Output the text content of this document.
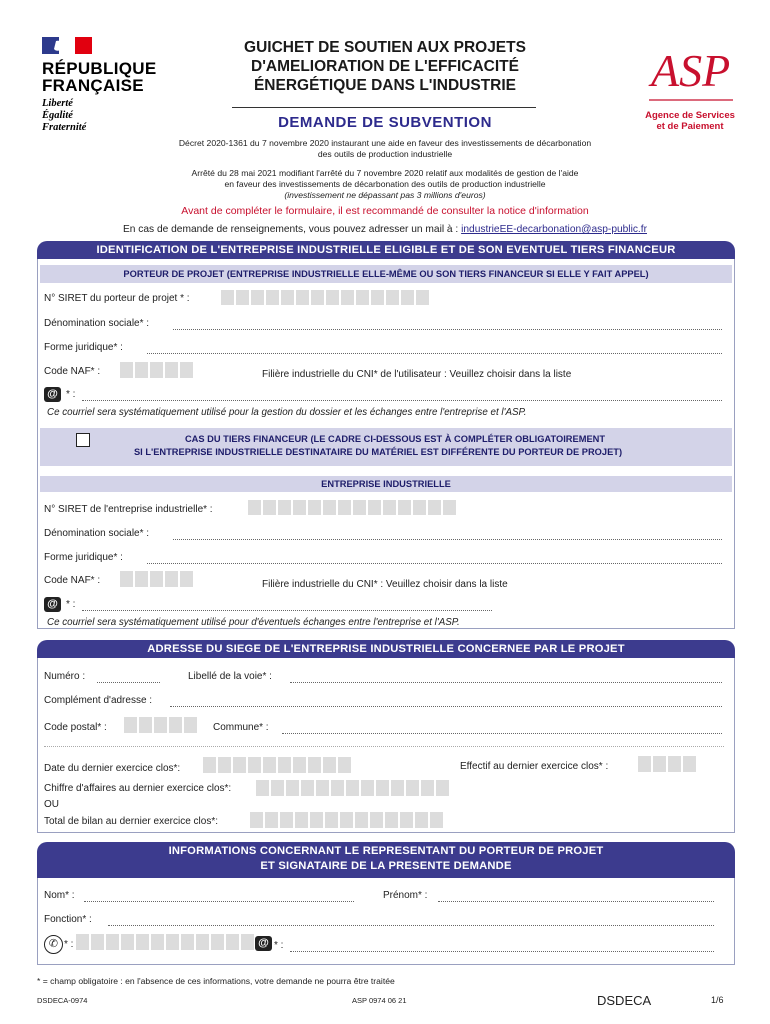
RÉPUBLIQUE
FRANÇAISE
Liberté
Égalité
Fraternité
GUICHET DE SOUTIEN AUX PROJETS
D'AMELIORATION DE L'EFFICACITÉ
ÉNERGÉTIQUE DANS L'INDUSTRIE
DEMANDE DE SUBVENTION
ASP
Agence de Services
et de Paiement
Décret 2020-1361 du 7 novembre 2020 instaurant une aide en faveur des investissements de décarbonation
des outils de production industrielle
Arrêté du 28 mai 2021 modifiant l'arrêté du 7 novembre 2020 relatif aux modalités de gestion de l'aide
en faveur des investissements de décarbonation des outils de production industrielle
(investissement ne dépassant pas 3 millions d'euros)
Avant de compléter le formulaire, il est recommandé de consulter la notice d'information
En cas de demande de renseignements, vous pouvez adresser un mail à : industrieEE-decarbonation@asp-public.fr
IDENTIFICATION DE L'ENTREPRISE INDUSTRIELLE ELIGIBLE ET DE SON EVENTUEL TIERS FINANCEUR
PORTEUR DE PROJET (ENTREPRISE INDUSTRIELLE ELLE-MÊME OU SON TIERS FINANCEUR SI ELLE Y FAIT APPEL)
N° SIRET du porteur de projet * :
Dénomination sociale* :
Forme juridique* :
Code NAF* :	Filière industrielle du CNI* de l'utilisateur : Veuillez choisir dans la liste
@ * :
Ce courriel sera systématiquement utilisé pour la gestion du dossier et les échanges entre l'entreprise et l'ASP.
CAS DU TIERS FINANCEUR (LE CADRE CI-DESSOUS EST À COMPLÉTER OBLIGATOIREMENT
SI L'ENTREPRISE INDUSTRIELLE DESTINATAIRE DU MATÉRIEL EST DIFFÉRENTE DU PORTEUR DE PROJET)
ENTREPRISE INDUSTRIELLE
N° SIRET de l'entreprise industrielle* :
Dénomination sociale* :
Forme juridique* :
Code NAF* :	Filière industrielle du CNI* : Veuillez choisir dans la liste
@ * :
Ce courriel sera systématiquement utilisé pour d'éventuels échanges entre l'entreprise et l'ASP.
ADRESSE DU SIEGE DE L'ENTREPRISE INDUSTRIELLE CONCERNEE PAR LE PROJET
Numéro :	Libellé de la voie* :
Complément d'adresse :
Code postal* :	Commune* :
Date du dernier exercice clos*:	Effectif au dernier exercice clos* :
Chiffre d'affaires au dernier exercice clos*:
OU
Total de bilan au dernier exercice clos*:
INFORMATIONS CONCERNANT LE REPRESENTANT DU PORTEUR DE PROJET
ET SIGNATAIRE DE LA PRESENTE DEMANDE
Nom* :	Prénom* :
Fonction* :
✆ * :	@ * :
* = champ obligatoire : en l'absence de ces informations, votre demande ne pourra être traitée
DSDECA-0974	ASP 0974 06 21	DSDECA	1/6
